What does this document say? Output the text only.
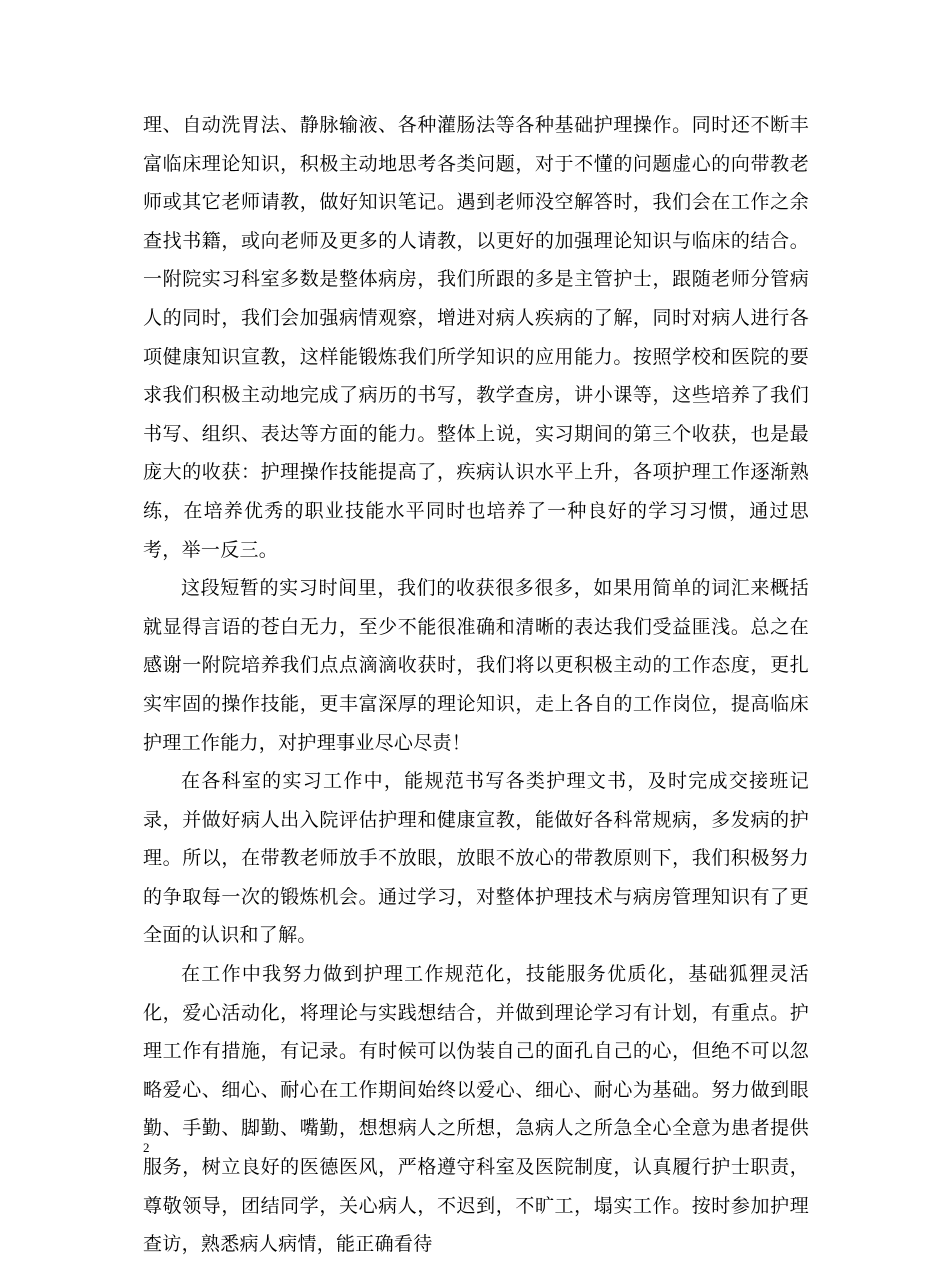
理、自动洗胃法、静脉输液、各种灌肠法等各种基础护理操作。同时还不断丰富临床理论知识，积极主动地思考各类问题，对于不懂的问题虚心的向带教老师或其它老师请教，做好知识笔记。遇到老师没空解答时，我们会在工作之余查找书籍，或向老师及更多的人请教，以更好的加强理论知识与临床的结合。一附院实习科室多数是整体病房，我们所跟的多是主管护士，跟随老师分管病人的同时，我们会加强病情观察，增进对病人疾病的了解，同时对病人进行各项健康知识宣教，这样能锻炼我们所学知识的应用能力。按照学校和医院的要求我们积极主动地完成了病历的书写，教学查房，讲小课等，这些培养了我们书写、组织、表达等方面的能力。整体上说，实习期间的第三个收获，也是最庞大的收获：护理操作技能提高了，疾病认识水平上升，各项护理工作逐渐熟练，在培养优秀的职业技能水平同时也培养了一种良好的学习习惯，通过思考，举一反三。

这段短暂的实习时间里，我们的收获很多很多，如果用简单的词汇来概括就显得言语的苍白无力，至少不能很准确和清晰的表达我们受益匪浅。总之在感谢一附院培养我们点点滴滴收获时，我们将以更积极主动的工作态度，更扎实牢固的操作技能，更丰富深厚的理论知识，走上各自的工作岗位，提高临床护理工作能力，对护理事业尽心尽责！

在各科室的实习工作中，能规范书写各类护理文书，及时完成交接班记录，并做好病人出入院评估护理和健康宣教，能做好各科常规病，多发病的护理。所以，在带教老师放手不放眼，放眼不放心的带教原则下，我们积极努力的争取每一次的锻炼机会。通过学习，对整体护理技术与病房管理知识有了更全面的认识和了解。

在工作中我努力做到护理工作规范化，技能服务优质化，基础狐狸灵活化，爱心活动化，将理论与实践想结合，并做到理论学习有计划，有重点。护理工作有措施，有记录。有时候可以伪装自己的面孔自己的心，但绝不可以忽略爱心、细心、耐心在工作期间始终以爱心、细心、耐心为基础。努力做到眼勤、手勤、脚勤、嘴勤，想想病人之所想，急病人之所急全心全意为患者提供服务，树立良好的医德医风，严格遵守科室及医院制度，认真履行护士职责，尊敬领导，团结同学，关心病人，不迟到，不旷工，塌实工作。按时参加护理查访，熟悉病人病情，能正确看待

2
